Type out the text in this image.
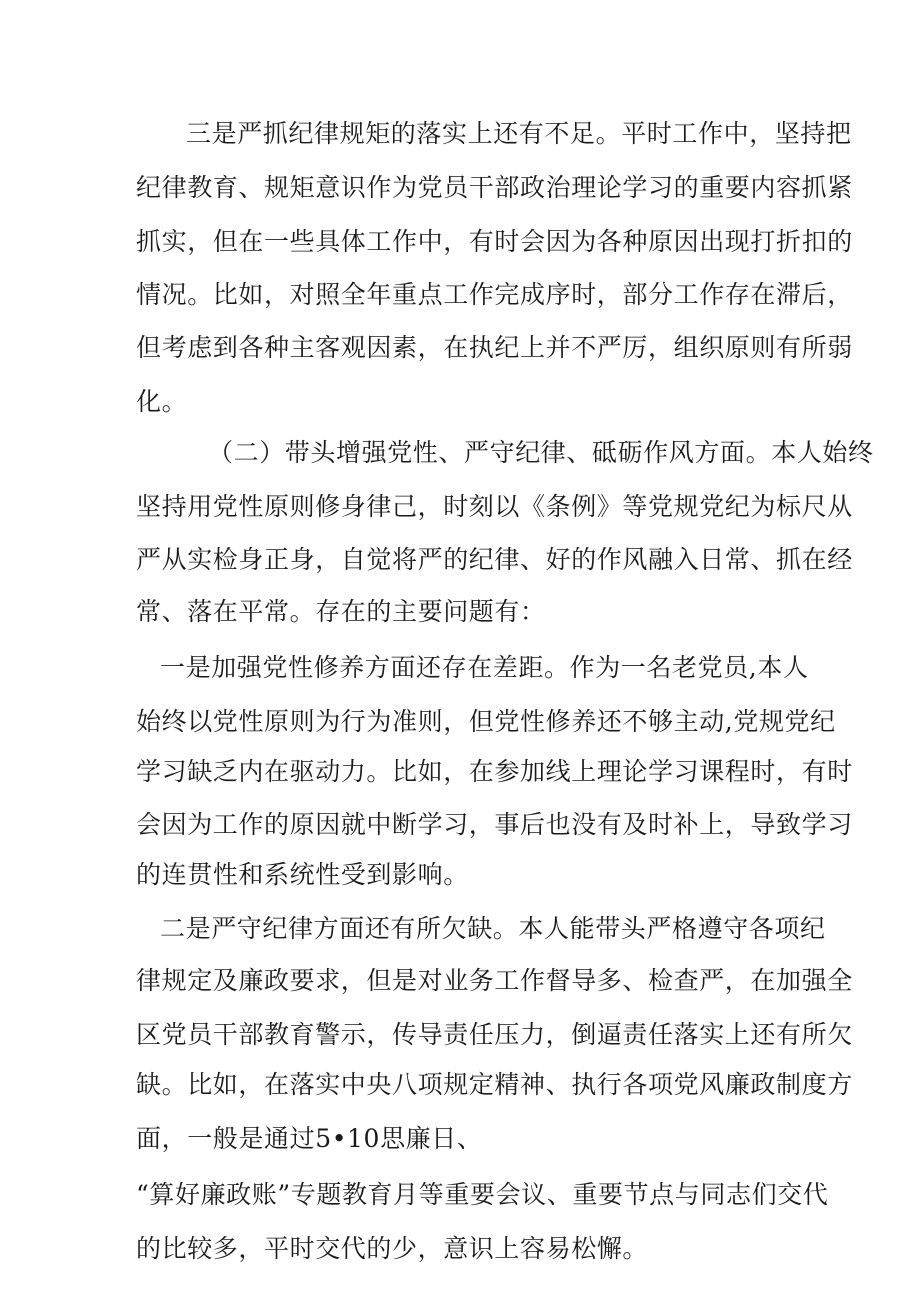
三是严抓纪律规矩的落实上还有不足。平时工作中，坚持把

纪律教育、规矩意识作为党员干部政治理论学习的重要内容抓紧

抓实，但在一些具体工作中，有时会因为各种原因出现打折扣的

情况。比如，对照全年重点工作完成序时，部分工作存在滞后，

但考虑到各种主客观因素，在执纪上并不严厉，组织原则有所弱

化。

（二）带头增强党性、严守纪律、砥砺作风方面。本人始终

坚持用党性原则修身律己，时刻以《条例》等党规党纪为标尺从

严从实检身正身，自觉将严的纪律、好的作风融入日常、抓在经

常、落在平常。存在的主要问题有：

一是加强党性修养方面还存在差距。作为一名老党员,本人

始终以党性原则为行为准则，但党性修养还不够主动,党规党纪

学习缺乏内在驱动力。比如，在参加线上理论学习课程时，有时

会因为工作的原因就中断学习，事后也没有及时补上，导致学习

的连贯性和系统性受到影响。

二是严守纪律方面还有所欠缺。本人能带头严格遵守各项纪

律规定及廉政要求，但是对业务工作督导多、检查严，在加强全

区党员干部教育警示，传导责任压力，倒逼责任落实上还有所欠

缺。比如，在落实中央八项规定精神、执行各项党风廉政制度方

面，一般是通过5•10思廉日、

“算好廉政账”专题教育月等重要会议、重要节点与同志们交代

的比较多，平时交代的少，意识上容易松懈。
